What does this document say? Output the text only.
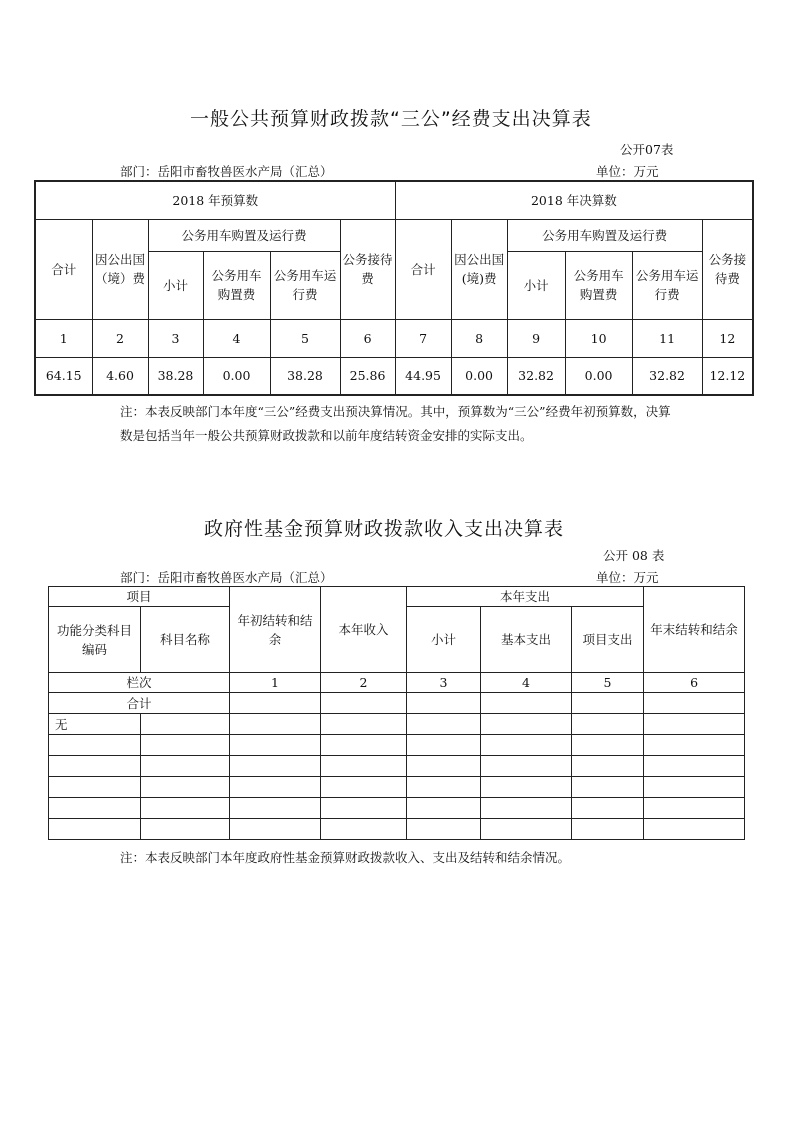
一般公共预算财政拨款“三公”经费支出决算表
公开07表
部门：岳阳市畜牧兽医水产局（汇总）	单位：万元
2018 年预算数						2018 年决算数					
合计	因公出国（境）费	公务用车购置及运行费			公务接待费	合计	因公出国(境)费	公务用车购置及运行费			公务接待费
		小计	公务用车购置费	公务用车运行费				小计	公务用车购置费	公务用车运行费	
1	2	3	4	5	6	7	8	9	10	11	12
64.15	4.60	38.28	0.00	38.28	25.86	44.95	0.00	32.82	0.00	32.82	12.12
注：本表反映部门本年度“三公”经费支出预决算情况。其中，预算数为“三公”经费年初预算数，决算数是包括当年一般公共预算财政拨款和以前年度结转资金安排的实际支出。
政府性基金预算财政拨款收入支出决算表
公开 08 表
部门：岳阳市畜牧兽医水产局（汇总）	单位：万元
项目		年初结转和结余	本年收入	本年支出			年末结转和结余
功能分类科目编码	科目名称			小计	基本支出	项目支出	
栏次		1	2	3	4	5	6
合计							
无							

注：本表反映部门本年度政府性基金预算财政拨款收入、支出及结转和结余情况。
